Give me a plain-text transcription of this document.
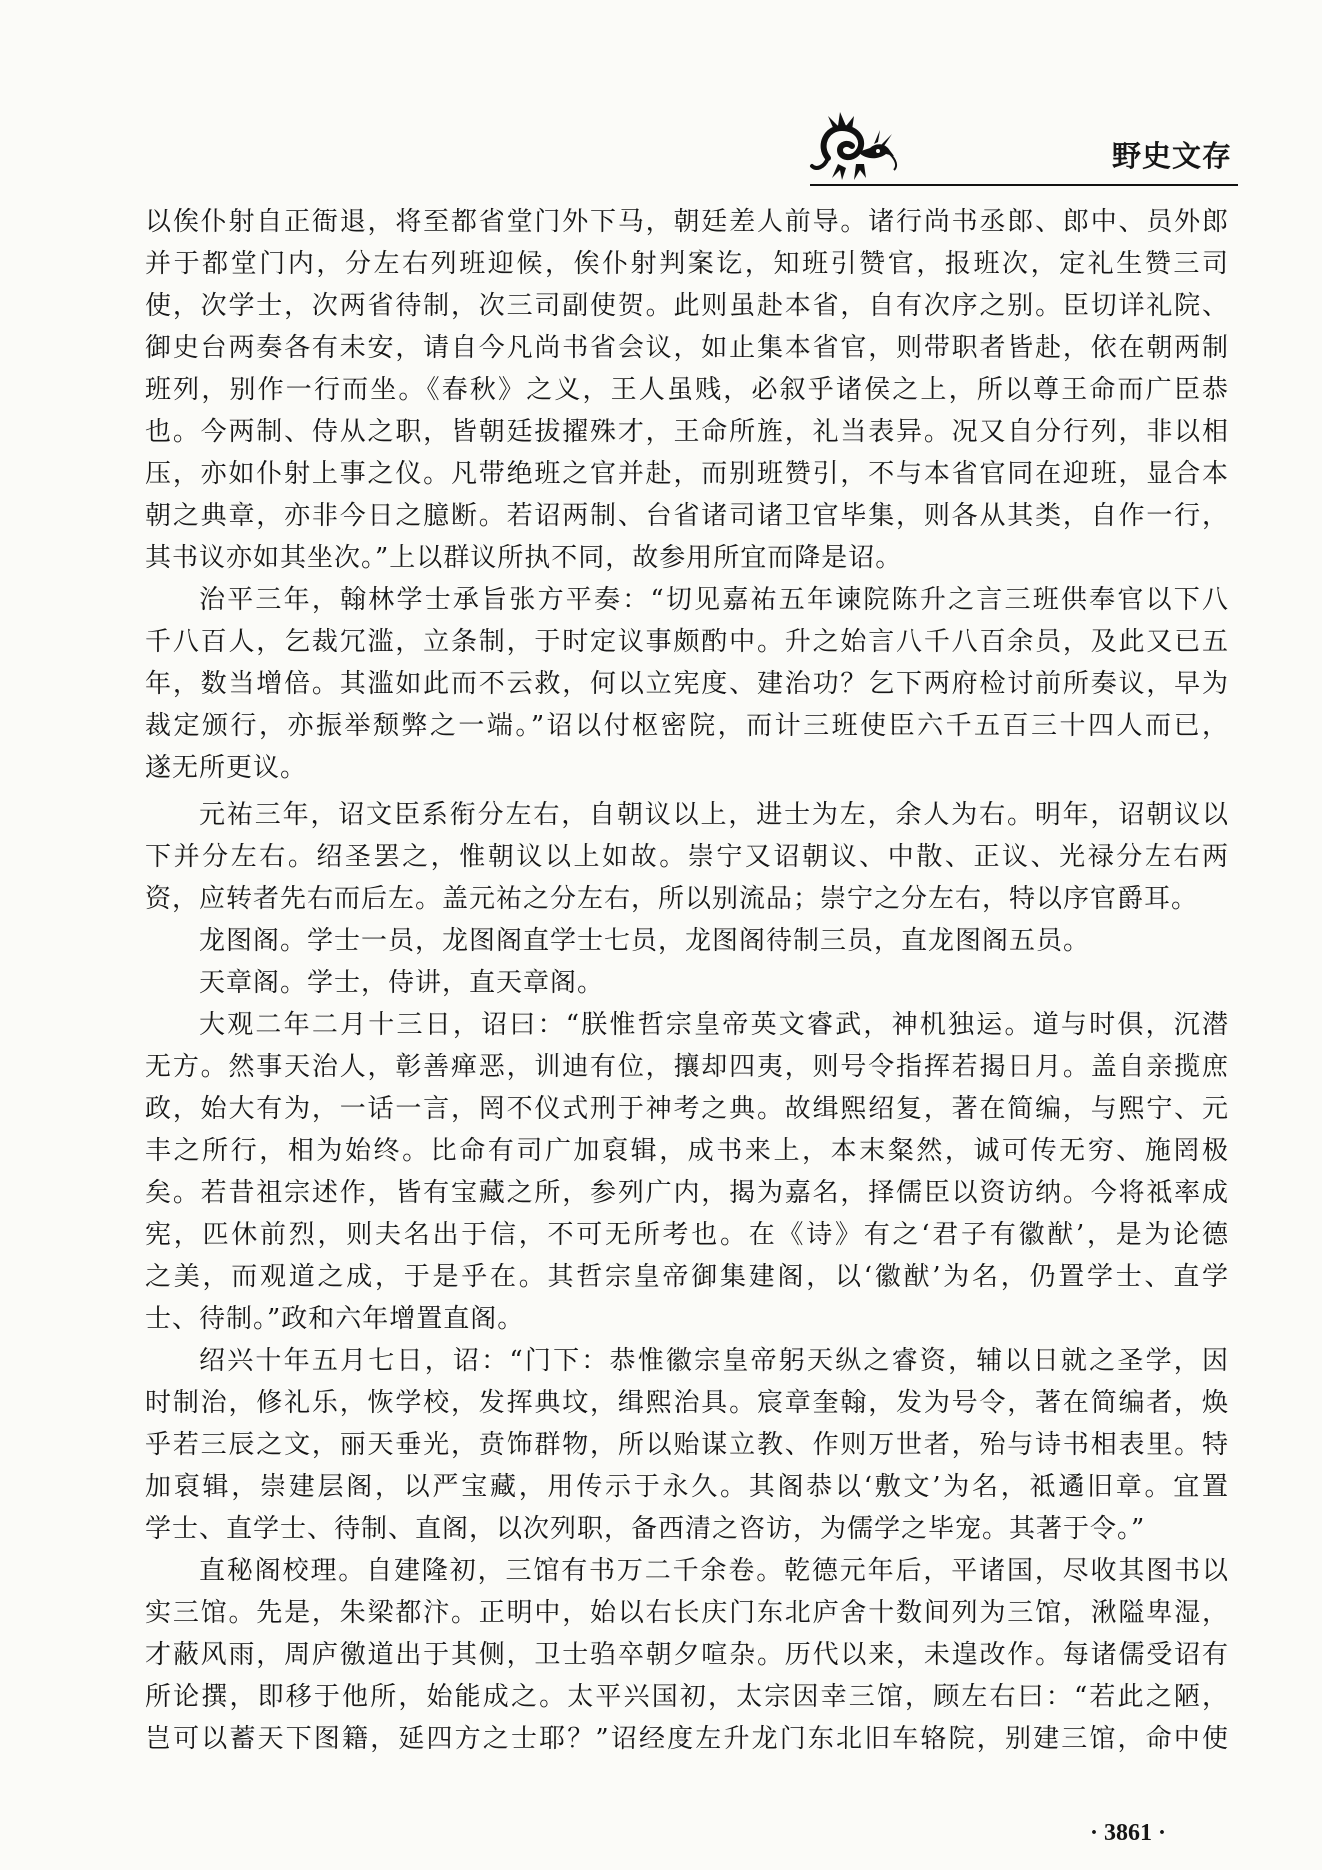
野史文存
以俟仆射自正衙退，将至都省堂门外下马，朝廷差人前导。诸行尚书丞郎、郎中、员外郎
并于都堂门内，分左右列班迎候，俟仆射判案讫，知班引赞官，报班次，定礼生赞三司
使，次学士，次两省待制，次三司副使贺。此则虽赴本省，自有次序之别。臣切详礼院、
御史台两奏各有未安，请自今凡尚书省会议，如止集本省官，则带职者皆赴，依在朝两制
班列，别作一行而坐。《春秋》之义，王人虽贱，必叙乎诸侯之上，所以尊王命而广臣恭
也。今两制、侍从之职，皆朝廷拔擢殊才，王命所旌，礼当表异。况又自分行列，非以相
压，亦如仆射上事之仪。凡带绝班之官并赴，而别班赞引，不与本省官同在迎班，显合本
朝之典章，亦非今日之臆断。若诏两制、台省诸司诸卫官毕集，则各从其类，自作一行，
其书议亦如其坐次。”上以群议所执不同，故参用所宜而降是诏。
治平三年，翰林学士承旨张方平奏：“切见嘉祐五年谏院陈升之言三班供奉官以下八
千八百人，乞裁冗滥，立条制，于时定议事颇酌中。升之始言八千八百余员，及此又已五
年，数当增倍。其滥如此而不云救，何以立宪度、建治功？乞下两府检讨前所奏议，早为
裁定颁行，亦振举颓弊之一端。”诏以付枢密院，而计三班使臣六千五百三十四人而已，
遂无所更议。
元祐三年，诏文臣系衔分左右，自朝议以上，进士为左，余人为右。明年，诏朝议以
下并分左右。绍圣罢之，惟朝议以上如故。崇宁又诏朝议、中散、正议、光禄分左右两
资，应转者先右而后左。盖元祐之分左右，所以别流品；崇宁之分左右，特以序官爵耳。
龙图阁。学士一员，龙图阁直学士七员，龙图阁待制三员，直龙图阁五员。
天章阁。学士，侍讲，直天章阁。
大观二年二月十三日，诏曰：“朕惟哲宗皇帝英文睿武，神机独运。道与时俱，沉潜
无方。然事天治人，彰善瘅恶，训迪有位，攘却四夷，则号令指挥若揭日月。盖自亲揽庶
政，始大有为，一话一言，罔不仪式刑于神考之典。故缉熙绍复，著在简编，与熙宁、元
丰之所行，相为始终。比命有司广加裒辑，成书来上，本末粲然，诚可传无穷、施罔极
矣。若昔祖宗述作，皆有宝藏之所，参列广内，揭为嘉名，择儒臣以资访纳。今将祗率成
宪，匹休前烈，则夫名出于信，不可无所考也。在《诗》有之‘君子有徽猷’，是为论德
之美，而观道之成，于是乎在。其哲宗皇帝御集建阁，以‘徽猷’为名，仍置学士、直学
士、待制。”政和六年增置直阁。
绍兴十年五月七日，诏：“门下：恭惟徽宗皇帝躬天纵之睿资，辅以日就之圣学，因
时制治，修礼乐，恢学校，发挥典坟，缉熙治具。宸章奎翰，发为号令，著在简编者，焕
乎若三辰之文，丽天垂光，贲饰群物，所以贻谋立教、作则万世者，殆与诗书相表里。特
加裒辑，崇建层阁，以严宝藏，用传示于永久。其阁恭以‘敷文’为名，祗遹旧章。宜置
学士、直学士、待制、直阁，以次列职，备西清之咨访，为儒学之毕宠。其著于令。”
直秘阁校理。自建隆初，三馆有书万二千余卷。乾德元年后，平诸国，尽收其图书以
实三馆。先是，朱梁都汴。正明中，始以右长庆门东北庐舍十数间列为三馆，湫隘卑湿，
才蔽风雨，周庐徼道出于其侧，卫士驺卒朝夕喧杂。历代以来，未遑改作。每诸儒受诏有
所论撰，即移于他所，始能成之。太平兴国初，太宗因幸三馆，顾左右曰：“若此之陋，
岂可以蓄天下图籍，延四方之士耶？”诏经度左升龙门东北旧车辂院，别建三馆，命中使
· 3861 ·
